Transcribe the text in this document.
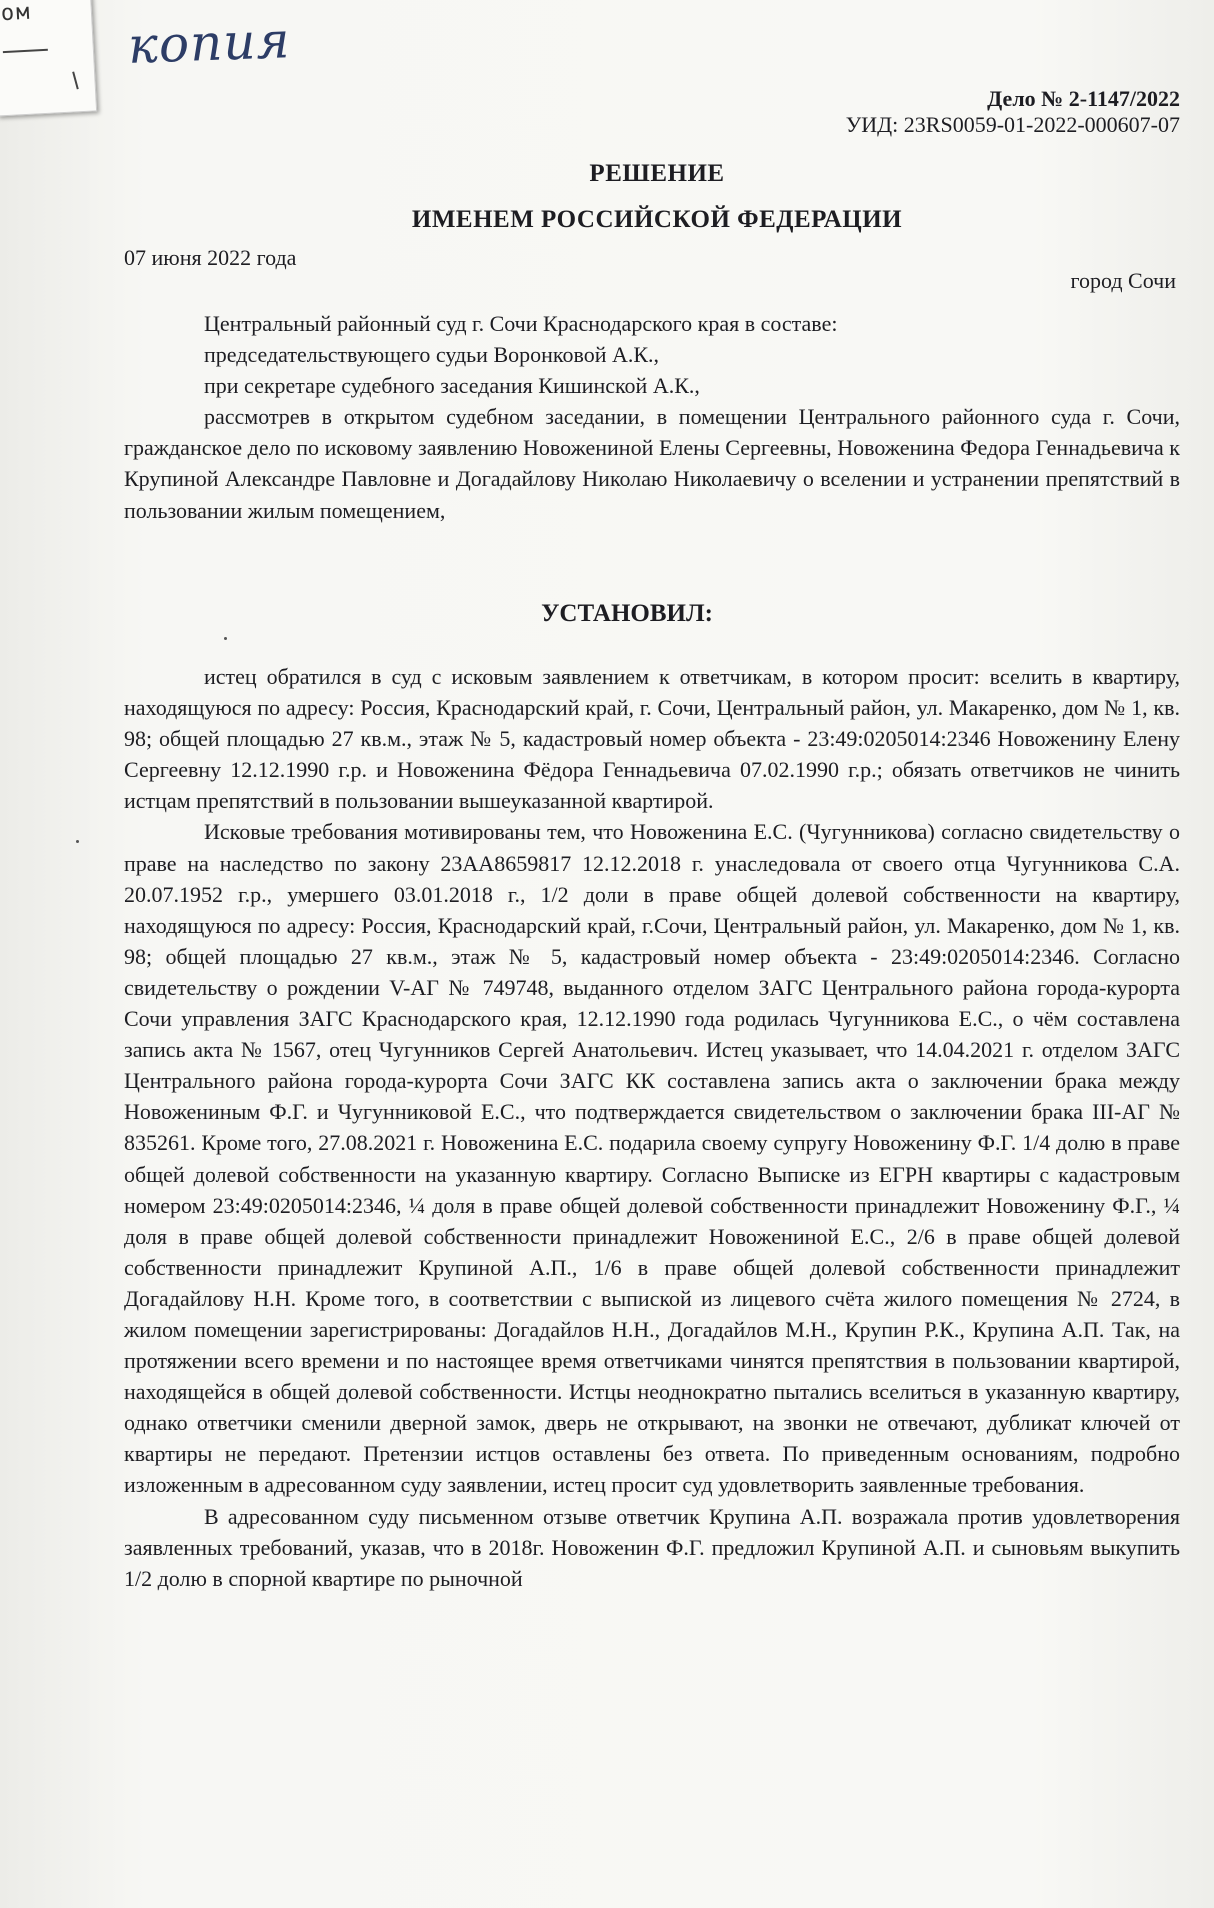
ом копия
Дело № 2-1147/2022
УИД: 23RS0059-01-2022-000607-07
РЕШЕНИЕ
ИМЕНЕМ РОССИЙСКОЙ ФЕДЕРАЦИИ
07 июня 2022 года
город Сочи

Центральный районный суд г. Сочи Краснодарского края в составе:

председательствующего судьи Воронковой А.К.,

при секретаре судебного заседания Кишинской А.К.,

рассмотрев в открытом судебном заседании, в помещении Центрального районного суда г. Сочи, гражданское дело по исковому заявлению Новожениной Елены Сергеевны, Новоженина Федора Геннадьевича к Крупиной Александре Павловне и Догадайлову Николаю Николаевичу о вселении и устранении препятствий в пользовании жилым помещением,

УСТАНОВИЛ:

истец обратился в суд с исковым заявлением к ответчикам, в котором просит: вселить в квартиру, находящуюся по адресу: Россия, Краснодарский край, г. Сочи, Центральный район, ул. Макаренко, дом № 1, кв. 98; общей площадью 27 кв.м., этаж № 5, кадастровый номер объекта - 23:49:0205014:2346 Новоженину Елену Сергеевну 12.12.1990 г.р. и Новоженина Фёдора Геннадьевича 07.02.1990 г.р.; обязать ответчиков не чинить истцам препятствий в пользовании вышеуказанной квартирой.

Исковые требования мотивированы тем, что Новоженина Е.С. (Чугунникова) согласно свидетельству о праве на наследство по закону 23АА8659817 12.12.2018 г. унаследовала от своего отца Чугунникова С.А. 20.07.1952 г.р., умершего 03.01.2018 г., 1/2 доли в праве общей долевой собственности на квартиру, находящуюся по адресу: Россия, Краснодарский край, г.Сочи, Центральный район, ул. Макаренко, дом № 1, кв. 98; общей площадью 27 кв.м., этаж № 5, кадастровый номер объекта - 23:49:0205014:2346. Согласно свидетельству о рождении V-АГ № 749748, выданного отделом ЗАГС Центрального района города-курорта Сочи управления ЗАГС Краснодарского края, 12.12.1990 года родилась Чугунникова Е.С., о чём составлена запись акта № 1567, отец Чугунников Сергей Анатольевич. Истец указывает, что 14.04.2021 г. отделом ЗАГС Центрального района города-курорта Сочи ЗАГС КК составлена запись акта о заключении брака между Новожениным Ф.Г. и Чугунниковой Е.С., что подтверждается свидетельством о заключении брака III-АГ № 835261. Кроме того, 27.08.2021 г. Новоженина Е.С. подарила своему супругу Новоженину Ф.Г. 1/4 долю в праве общей долевой собственности на указанную квартиру. Согласно Выписке из ЕГРН квартиры с кадастровым номером 23:49:0205014:2346, ¼ доля в праве общей долевой собственности принадлежит Новоженину Ф.Г., ¼ доля в праве общей долевой собственности принадлежит Новожениной Е.С., 2/6 в праве общей долевой собственности принадлежит Крупиной А.П., 1/6 в праве общей долевой собственности принадлежит Догадайлову Н.Н. Кроме того, в соответствии с выпиской из лицевого счёта жилого помещения № 2724, в жилом помещении зарегистрированы: Догадайлов Н.Н., Догадайлов М.Н., Крупин Р.К., Крупина А.П. Так, на протяжении всего времени и по настоящее время ответчиками чинятся препятствия в пользовании квартирой, находящейся в общей долевой собственности. Истцы неоднократно пытались вселиться в указанную квартиру, однако ответчики сменили дверной замок, дверь не открывают, на звонки не отвечают, дубликат ключей от квартиры не передают. Претензии истцов оставлены без ответа. По приведенным основаниям, подробно изложенным в адресованном суду заявлении, истец просит суд удовлетворить заявленные требования.

В адресованном суду письменном отзыве ответчик Крупина А.П. возражала против удовлетворения заявленных требований, указав, что в 2018г. Новоженин Ф.Г. предложил Крупиной А.П. и сыновьям выкупить 1/2 долю в спорной квартире по рыночной
